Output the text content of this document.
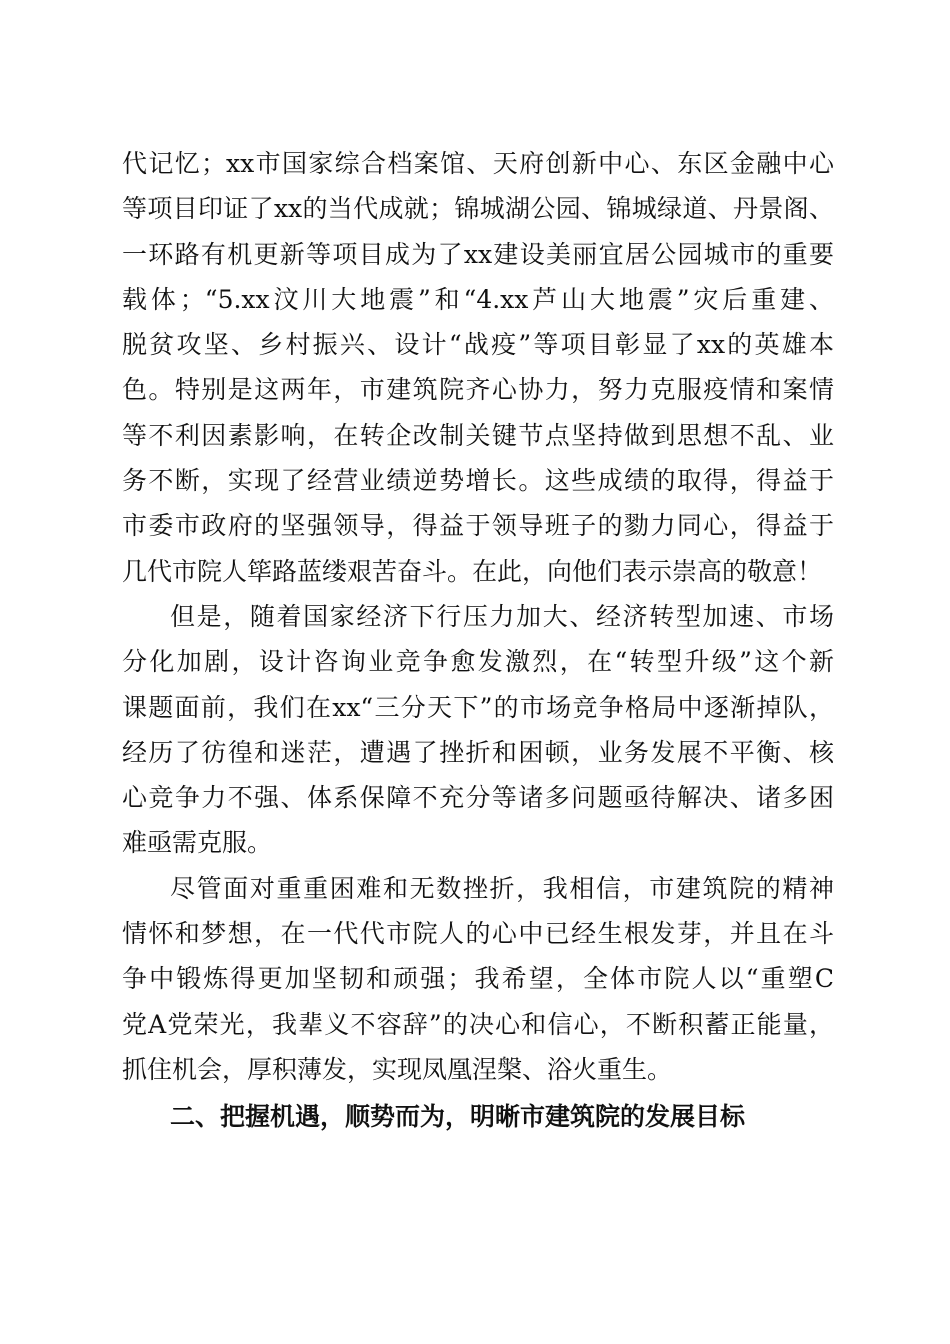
代记忆；xx市国家综合档案馆、天府创新中心、东区金融中心
等项目印证了xx的当代成就；锦城湖公园、锦城绿道、丹景阁、
一环路有机更新等项目成为了xx建设美丽宜居公园城市的重要
载体；“5.xx汶川大地震”和“4.xx芦山大地震”灾后重建、
脱贫攻坚、乡村振兴、设计“战疫”等项目彰显了xx的英雄本
色。特别是这两年，市建筑院齐心协力，努力克服疫情和案情
等不利因素影响，在转企改制关键节点坚持做到思想不乱、业
务不断，实现了经营业绩逆势增长。这些成绩的取得，得益于
市委市政府的坚强领导，得益于领导班子的勠力同心，得益于
几代市院人筚路蓝缕艰苦奋斗。在此，向他们表示崇高的敬意！
但是，随着国家经济下行压力加大、经济转型加速、市场
分化加剧，设计咨询业竞争愈发激烈，在“转型升级”这个新
课题面前，我们在xx“三分天下”的市场竞争格局中逐渐掉队，
经历了彷徨和迷茫，遭遇了挫折和困顿，业务发展不平衡、核
心竞争力不强、体系保障不充分等诸多问题亟待解决、诸多困
难亟需克服。
尽管面对重重困难和无数挫折，我相信，市建筑院的精神
情怀和梦想，在一代代市院人的心中已经生根发芽，并且在斗
争中锻炼得更加坚韧和顽强；我希望，全体市院人以“重塑C
党A党荣光，我辈义不容辞”的决心和信心，不断积蓄正能量，
抓住机会，厚积薄发，实现凤凰涅槃、浴火重生。
二、把握机遇，顺势而为，明晰市建筑院的发展目标
